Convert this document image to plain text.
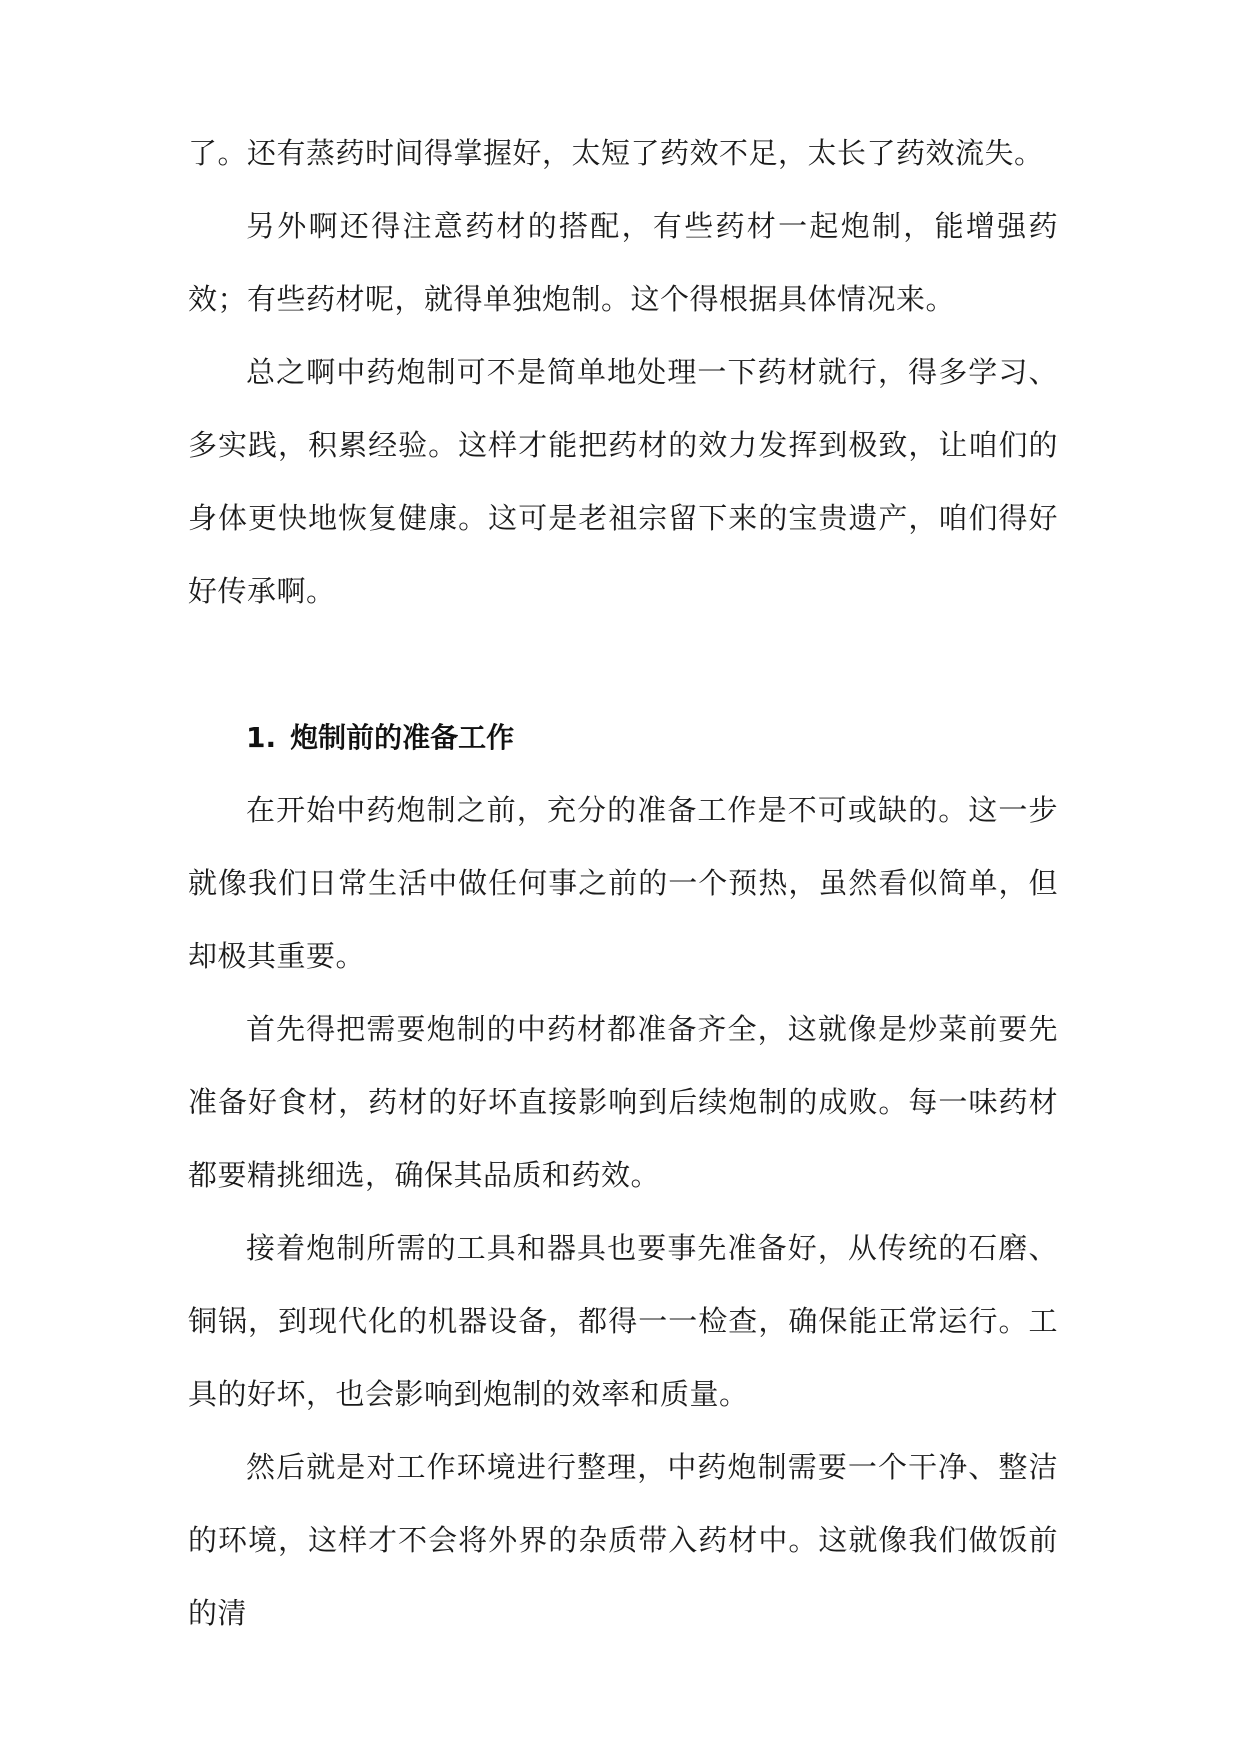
了。还有蒸药时间得掌握好，太短了药效不足，太长了药效流失。

另外啊还得注意药材的搭配，有些药材一起炮制，能增强药效；有些药材呢，就得单独炮制。这个得根据具体情况来。

总之啊中药炮制可不是简单地处理一下药材就行，得多学习、多实践，积累经验。这样才能把药材的效力发挥到极致，让咱们的身体更快地恢复健康。这可是老祖宗留下来的宝贵遗产，咱们得好好传承啊。

1. 炮制前的准备工作

在开始中药炮制之前，充分的准备工作是不可或缺的。这一步就像我们日常生活中做任何事之前的一个预热，虽然看似简单，但却极其重要。

首先得把需要炮制的中药材都准备齐全，这就像是炒菜前要先准备好食材，药材的好坏直接影响到后续炮制的成败。每一味药材都要精挑细选，确保其品质和药效。

接着炮制所需的工具和器具也要事先准备好，从传统的石磨、铜锅，到现代化的机器设备，都得一一检查，确保能正常运行。工具的好坏，也会影响到炮制的效率和质量。

然后就是对工作环境进行整理，中药炮制需要一个干净、整洁的环境，这样才不会将外界的杂质带入药材中。这就像我们做饭前的清
